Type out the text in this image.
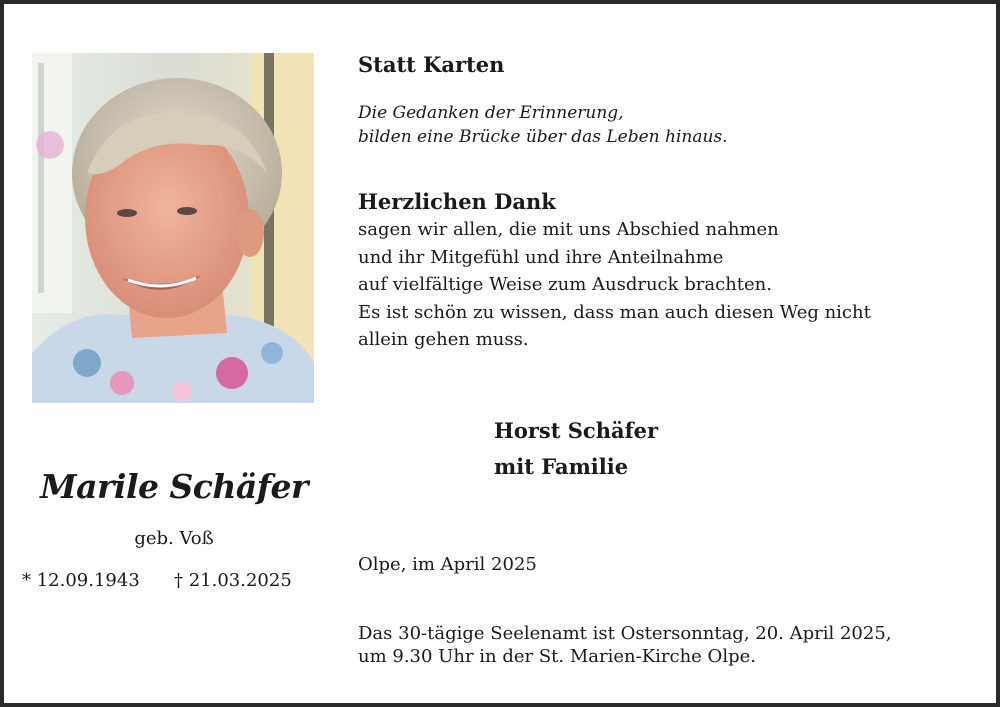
Marile Schäfer
geb. Voß
* 12.09.1943 † 21.03.2025
Statt Karten
Die Gedanken der Erinnerung,
bilden eine Brücke über das Leben hinaus.
Herzlichen Dank
sagen wir allen, die mit uns Abschied nahmen
und ihr Mitgefühl und ihre Anteilnahme
auf vielfältige Weise zum Ausdruck brachten.
Es ist schön zu wissen, dass man auch diesen Weg nicht
allein gehen muss.
Horst Schäfer
mit Familie
Olpe, im April 2025
Das 30-tägige Seelenamt ist Ostersonntag, 20. April 2025,
um 9.30 Uhr in der St. Marien-Kirche Olpe.
